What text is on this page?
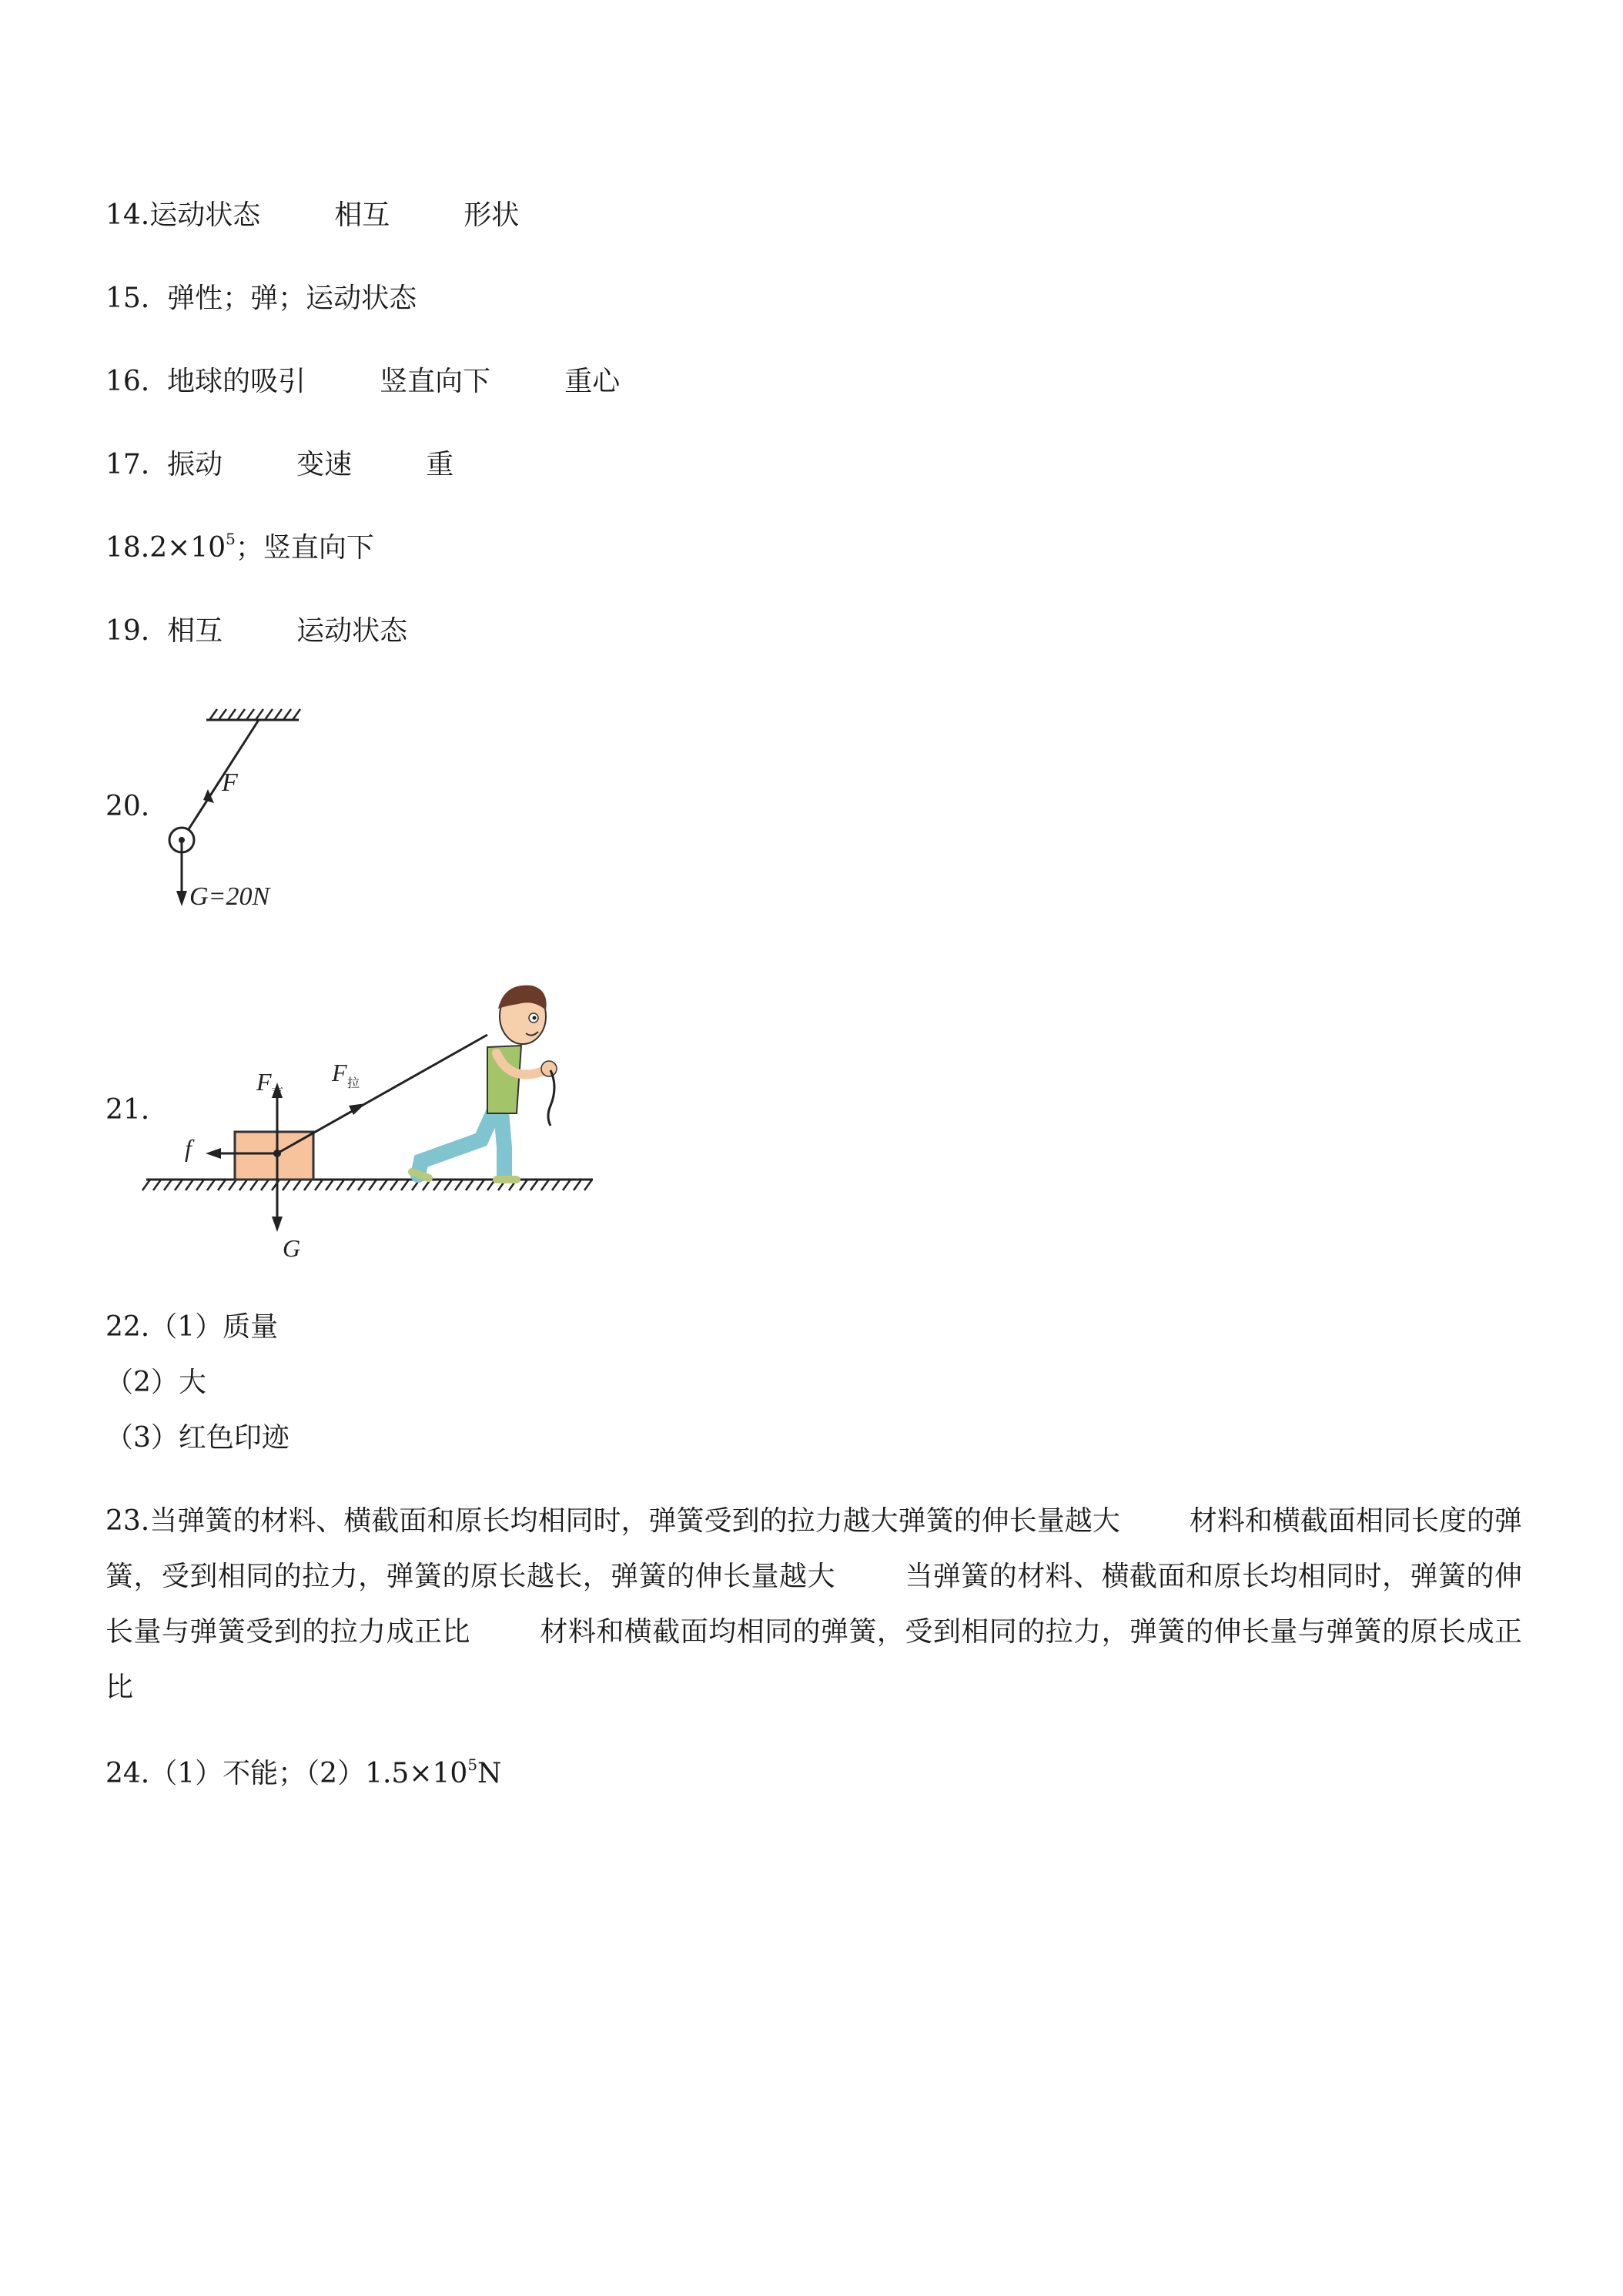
14.运动状态	相互	形状
15. 弹性；弹；运动状态
16. 地球的吸引	竖直向下	重心
17. 振动	变速	重
$18.2\times 10^5$；竖直向下
19. 相互	运动状态
20.
F
G=20N
21.
F 支
G
f
F 拉
22.（1）质量
（2）大
（3）红色印迹
23.当弹簧的材料、横截面和原长均相同时，弹簧受到的拉力越大弹簧的伸长量越大	材料和横截面相同长度的弹簧，受到相同的拉力，弹簧的原长越长，弹簧的伸长量越大	当弹簧的材料、横截面和原长均相同时，弹簧的伸长量与弹簧受到的拉力成正比	材料和横截面均相同的弹簧，受到相同的拉力，弹簧的伸长量与弹簧的原长成正比
24.（1）不能；$(2)1.5\times 10^5N$
